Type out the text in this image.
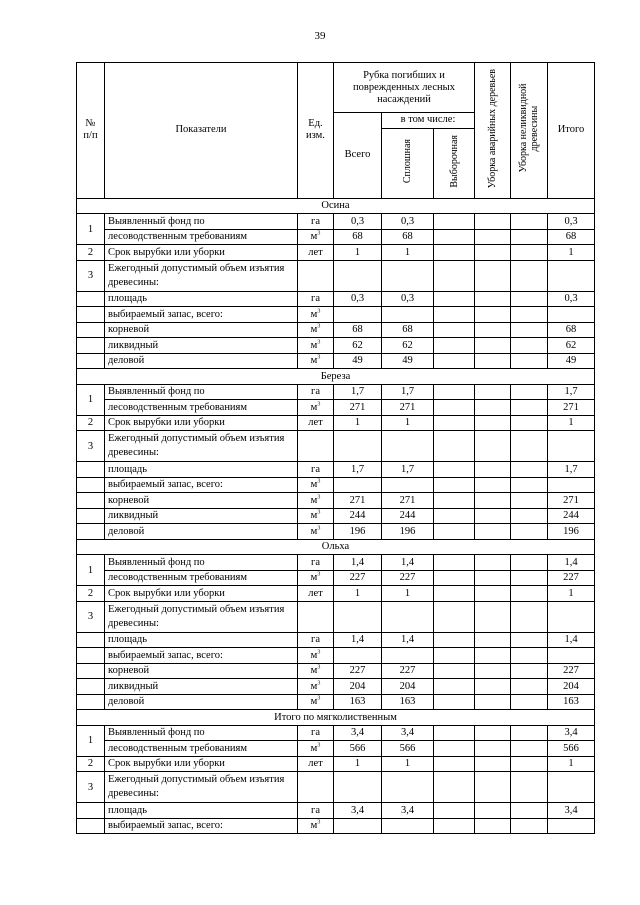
39
№ п/п	Показатели	Ед. изм.	Рубка погибших и поврежденных лесных насаждений			Уборка аварийных деревьев	Уборка неликвидной древесины	Итого
			Всего	в том числе:				
				Сплошная	Выборочная			
Осина								
1	Выявленный фонд по	га	0,3	0,3				0,3
	лесоводственным требованиям	$м^3$	68	68				68
2	Срок вырубки или уборки	лет	1	1				1
3	Ежегодный допустимый объем изъятия древесины:							
	площадь	га	0,3	0,3				0,3
	выбираемый запас, всего:	$м^3$						
	корневой	$м^3$	68	68				68
	ликвидный	$м^3$	62	62				62
	деловой	$м^3$	49	49				49
Береза								
1	Выявленный фонд по	га	1,7	1,7				1,7
	лесоводственным требованиям	$м^3$	271	271				271
2	Срок вырубки или уборки	лет	1	1				1
3	Ежегодный допустимый объем изъятия древесины:							
	площадь	га	1,7	1,7				1,7
	выбираемый запас, всего:	$м^3$						
	корневой	$м^3$	271	271				271
	ликвидный	$м^3$	244	244				244
	деловой	$м^3$	196	196				196
Ольха								
1	Выявленный фонд по	га	1,4	1,4				1,4
	лесоводственным требованиям	$м^3$	227	227				227
2	Срок вырубки или уборки	лет	1	1				1
3	Ежегодный допустимый объем изъятия древесины:							
	площадь	га	1,4	1,4				1,4
	выбираемый запас, всего:	$м^3$						
	корневой	$м^3$	227	227				227
	ликвидный	$м^3$	204	204				204
	деловой	$м^3$	163	163				163
Итого по мягколиственным								
1	Выявленный фонд по	га	3,4	3,4				3,4
	лесоводственным требованиям	$м^3$	566	566				566
2	Срок вырубки или уборки	лет	1	1				1
3	Ежегодный допустимый объем изъятия древесины:							
	площадь	га	3,4	3,4				3,4
	выбираемый запас, всего:	$м^3$						
